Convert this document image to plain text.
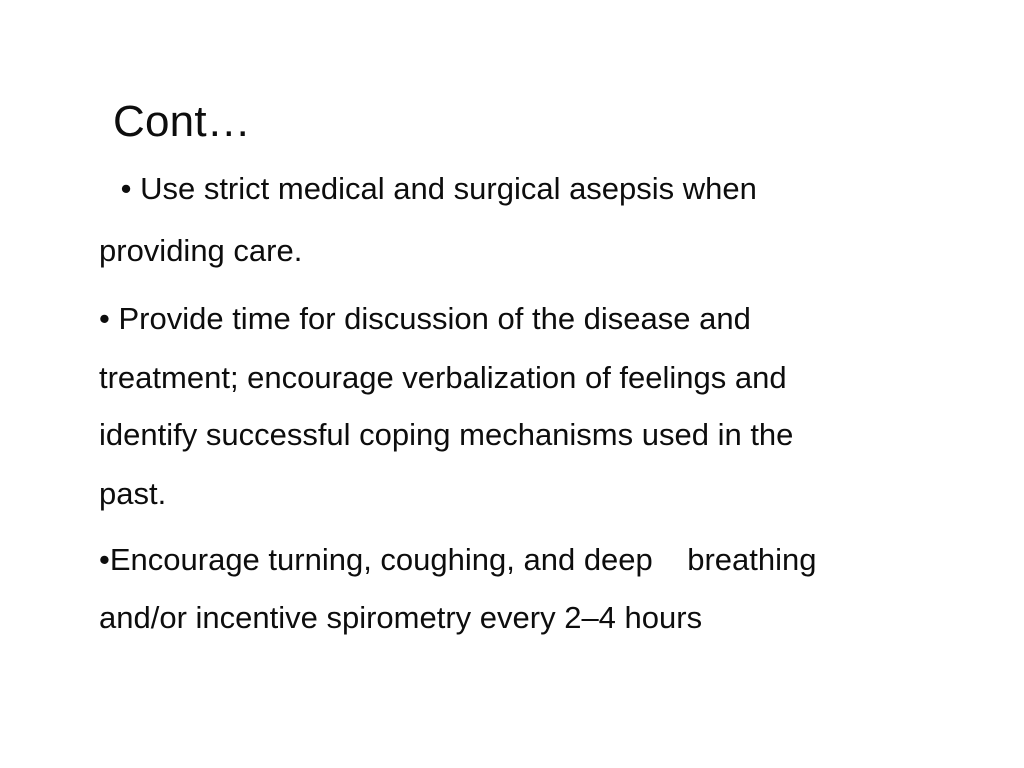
Cont…
• Use strict medical and surgical asepsis when
providing care.
• Provide time for discussion of the disease and
treatment; encourage verbalization of feelings and
identify successful coping mechanisms used in the
past.
•Encourage turning, coughing, and deep    breathing
and/or incentive spirometry every 2–4 hours
